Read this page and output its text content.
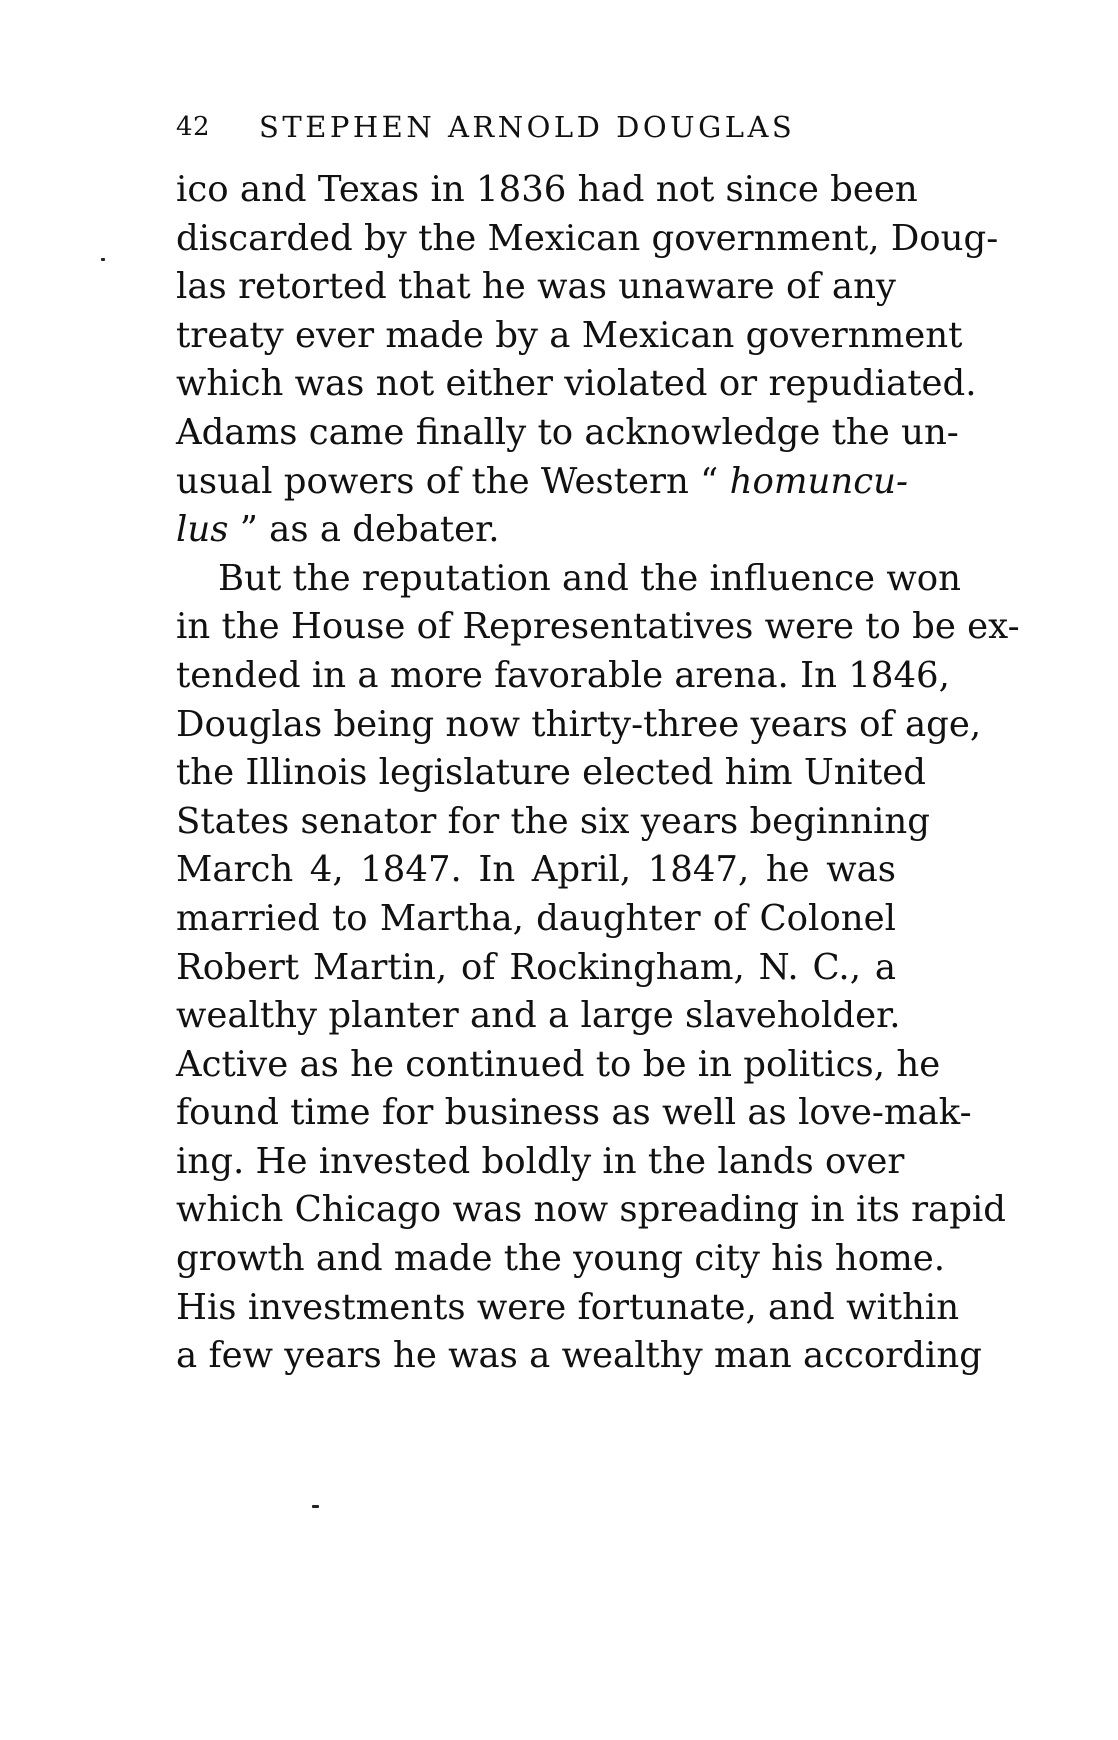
42 STEPHEN ARNOLD DOUGLAS
ico and Texas in 1836 had not since been
discarded by the Mexican government, Doug-
las retorted that he was unaware of any
treaty ever made by a Mexican government
which was not either violated or repudiated.
Adams came finally to acknowledge the un-
usual powers of the Western “ homuncu-
lus ” as a debater.
But the reputation and the influence won
in the House of Representatives were to be ex-
tended in a more favorable arena. In 1846,
Douglas being now thirty-three years of age,
the Illinois legislature elected him United
States senator for the six years beginning
March 4, 1847. In April, 1847, he was
married to Martha, daughter of Colonel
Robert Martin, of Rockingham, N. C., a
wealthy planter and a large slaveholder.
Active as he continued to be in politics, he
found time for business as well as love-mak-
ing. He invested boldly in the lands over
which Chicago was now spreading in its rapid
growth and made the young city his home.
His investments were fortunate, and within
a few years he was a wealthy man according
